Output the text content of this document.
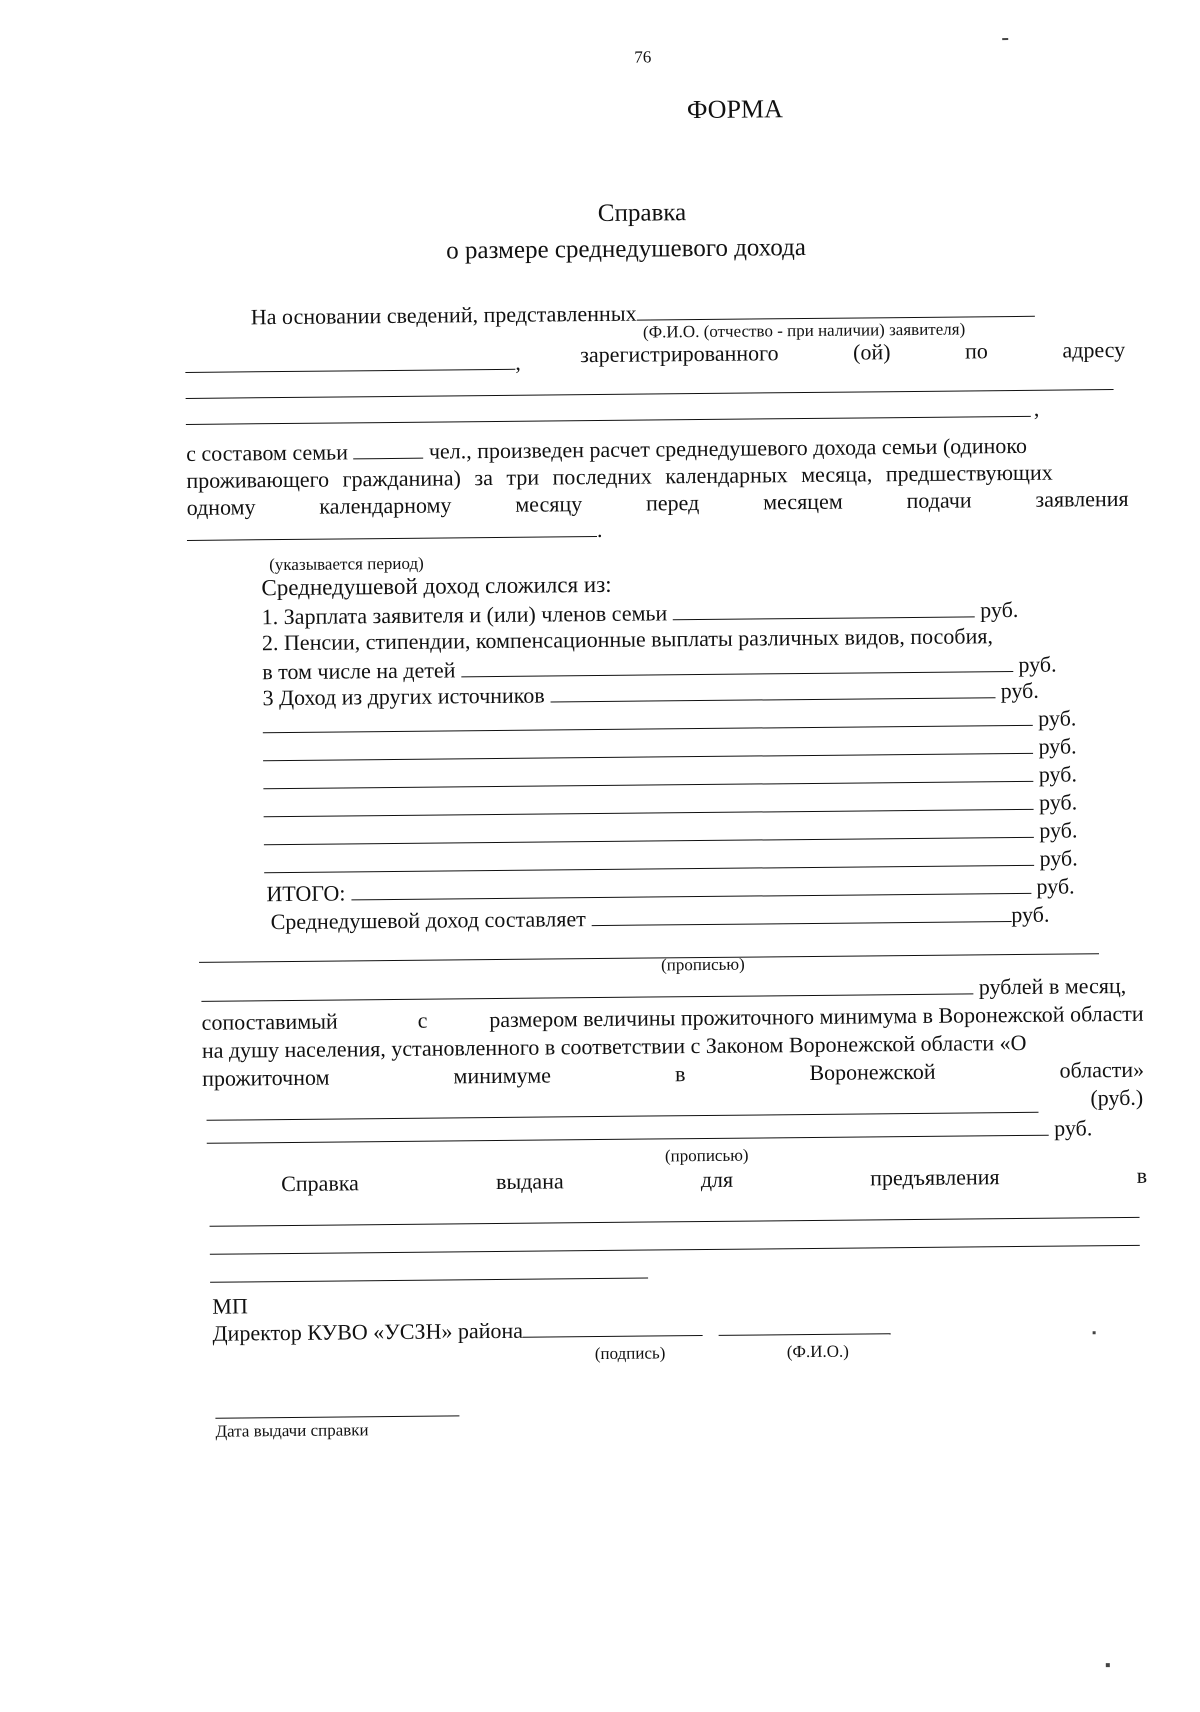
76
ФОРМА
Справка
о размере среднедушевого дохода
На основании сведений, представленных
(Ф.И.О. (отчество - при наличии) заявителя)
,	зарегистрированного	(ой)	по	адресу
,
с составом семьи	чел., произведен расчет среднедушевого дохода семьи (одиноко
проживающего гражданина) за три последних календарных месяца, предшествующих
одному	календарному	месяцу	перед	месяцем	подачи	заявления
.
(указывается период)
Среднедушевой доход сложился из:
1. Зарплата заявителя и (или) членов семьи	руб.
2. Пенсии, стипендии, компенсационные выплаты различных видов, пособия,
в том числе на детей	руб.
3 Доход из других источников	руб.
руб.
руб.
руб.
руб.
руб.
руб.
ИТОГО:	руб.
Среднедушевой доход составляет	руб.
(прописью)
рублей в месяц,
сопоставимый	с	размером величины прожиточного минимума в Воронежской области
на душу населения, установленного в соответствии с Законом Воронежской области «О
прожиточном	минимуме	в	Воронежской	области»
(руб.)
руб.
(прописью)
Справка	выдана	для	предъявления	в
МП
Директор КУВО «УСЗН» района
(подпись)	(Ф.И.О.)
Дата выдачи справки
